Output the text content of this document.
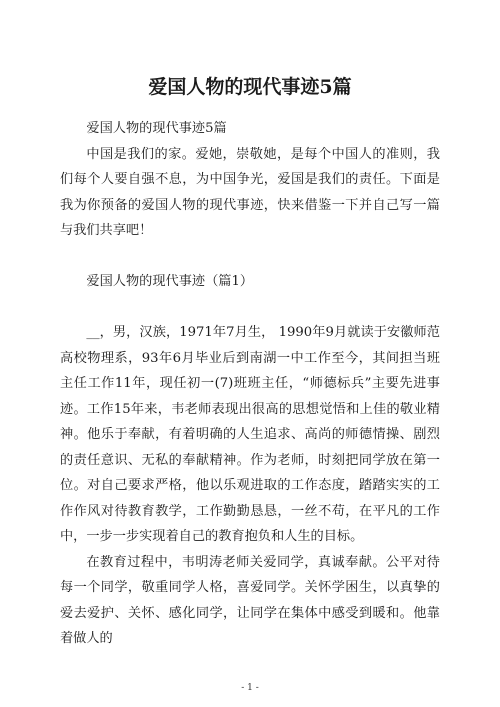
爱国人物的现代事迹5篇

爱国人物的现代事迹5篇

中国是我们的家。爱她，崇敬她，是每个中国人的准则，我们每个人要自强不息，为中国争光，爱国是我们的责任。下面是我为你预备的爱国人物的现代事迹，快来借鉴一下并自己写一篇与我们共享吧！

爱国人物的现代事迹（篇1）

__，男，汉族，1971年7月生， 1990年9月就读于安徽师范高校物理系，93年6月毕业后到南湖一中工作至今，其间担当班主任工作11年，现任初一(7)班班主任，“师德标兵”主要先进事迹。工作15年来，韦老师表现出很高的思想觉悟和上佳的敬业精神。他乐于奉献，有着明确的人生追求、高尚的师德情操、剧烈的责任意识、无私的奉献精神。作为老师，时刻把同学放在第一位。对自己要求严格，他以乐观进取的工作态度，踏踏实实的工作作风对待教育教学，工作勤勤恳恳，一丝不苟，在平凡的工作中，一步一步实现着自己的教育抱负和人生的目标。

在教育过程中，韦明涛老师关爱同学，真诚奉献。公平对待每一个同学，敬重同学人格，喜爱同学。关怀学困生，以真挚的爱去爱护、关怀、感化同学，让同学在集体中感受到暖和。他靠着做人的

- 1 -
